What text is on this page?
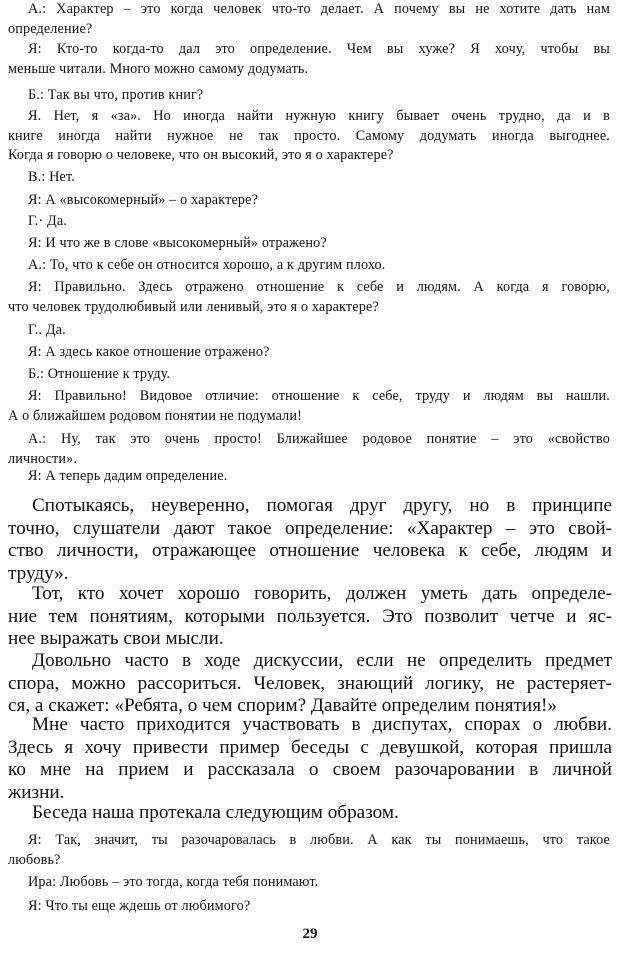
А.: Характер – это когда человек что-то делает. А почему вы не хотите дать нам
определение?
Я: Кто-то когда-то дал это определение. Чем вы хуже? Я хочу, чтобы вы
меньше читали. Много можно самому додумать.
Б.: Так вы что, против книг?
Я. Нет, я «за». Но иногда найти нужную книгу бывает очень трудно, да и в
книге иногда найти нужное не так просто. Самому додумать иногда выгоднее.
Когда я говорю о человеке, что он высокий, это я о характере?
В.: Нет.
Я: А «высокомерный» – о характере?
Г.· Да.
Я: И что же в слове «высокомерный» отражено?
А.: То, что к себе он относится хорошо, а к другим плохо.
Я: Правильно. Здесь отражено отношение к себе и людям. А когда я говорю,
что человек трудолюбивый или ленивый, это я о характере?
Г.. Да.
Я: А здесь какое отношение отражено?
Б.: Отношение к труду.
Я: Правильно! Видовое отличие: отношение к себе, труду и людям вы нашли.
А о ближайшем родовом понятии не подумали!
А.: Ну, так это очень просто! Ближайшее родовое понятие – это «свойство
личности».
Я: А теперь дадим определение.
Спотыкаясь, неуверенно, помогая друг другу, но в принципе
точно, слушатели дают такое определение: «Характер – это свой-
ство личности, отражающее отношение человека к себе, людям и
труду».
Тот, кто хочет хорошо говорить, должен уметь дать определе-
ние тем понятиям, которыми пользуется. Это позволит четче и яс-
нее выражать свои мысли.
Довольно часто в ходе дискуссии, если не определить предмет
спора, можно рассориться. Человек, знающий логику, не растеряет-
ся, а скажет: «Ребята, о чем спорим? Давайте определим понятия!»
Мне часто приходится участвовать в диспутах, спорах о любви.
Здесь я хочу привести пример беседы с девушкой, которая пришла
ко мне на прием и рассказала о своем разочаровании в личной
жизни.
Беседа наша протекала следующим образом.
Я: Так, значит, ты разочаровалась в любви. А как ты понимаешь, что такое
любовь?
Ира: Любовь – это тогда, когда тебя понимают.
Я: Что ты еще ждешь от любимого?
29
